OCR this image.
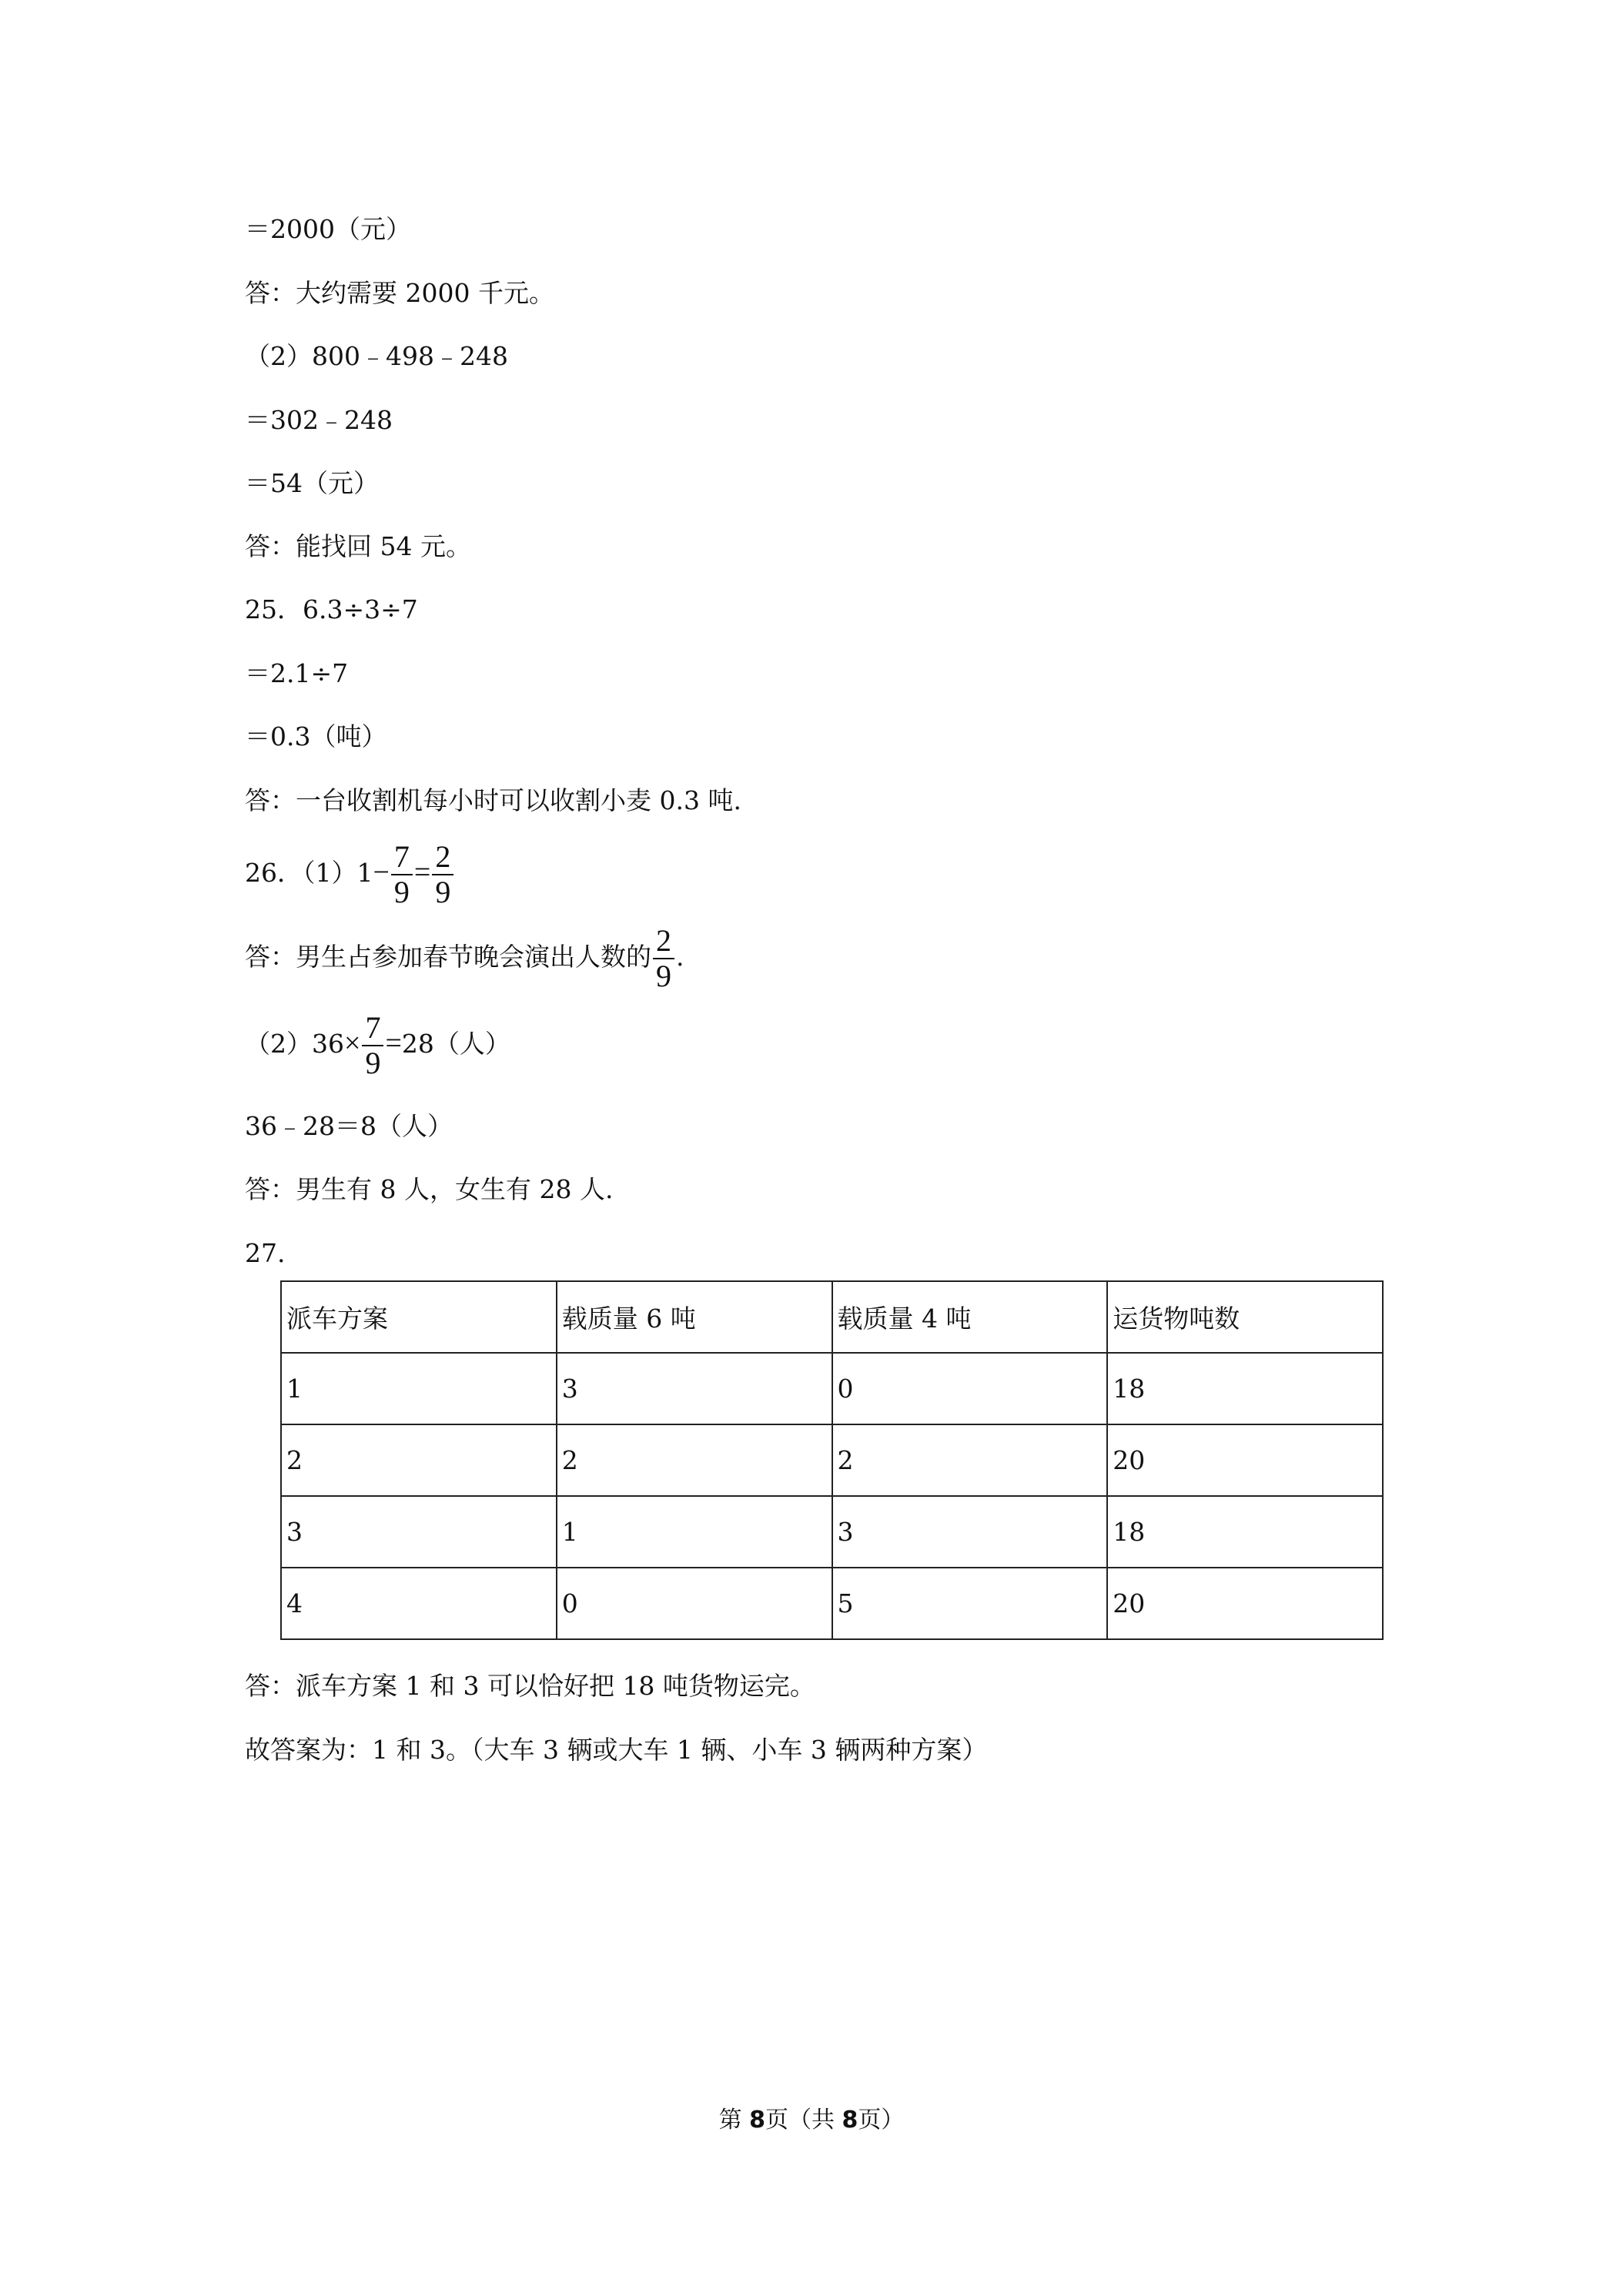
＝2000（元）
答：大约需要 2000 千元。
（2）800﹣498﹣248
＝302﹣248
＝54（元）
答：能找回 54 元。
25．6.3÷3÷7
＝2.1÷7
＝0.3（吨）
答：一台收割机每小时可以收割小麦 0.3 吨.
26．$(1)1- \frac{7}{9} = \frac{2}{9}$
答：男生占参加春节晚会演出人数的 $\frac{2}{9}$ .
$(2)36\times \frac{7}{9} =28$（人）
36﹣28＝8（人）
答：男生有 8 人，女生有 28 人.
27.
派车方案	载质量 6 吨	载质量 4 吨	运货物吨数
1	3	0	18
2	2	2	20
3	1	3	18
4	0	5	20
答：派车方案 1 和 3 可以恰好把 18 吨货物运完。
故答案为：1 和 3。（大车 3 辆或大车 1 辆、小车 3 辆两种方案）
第 8页（共 8页）
